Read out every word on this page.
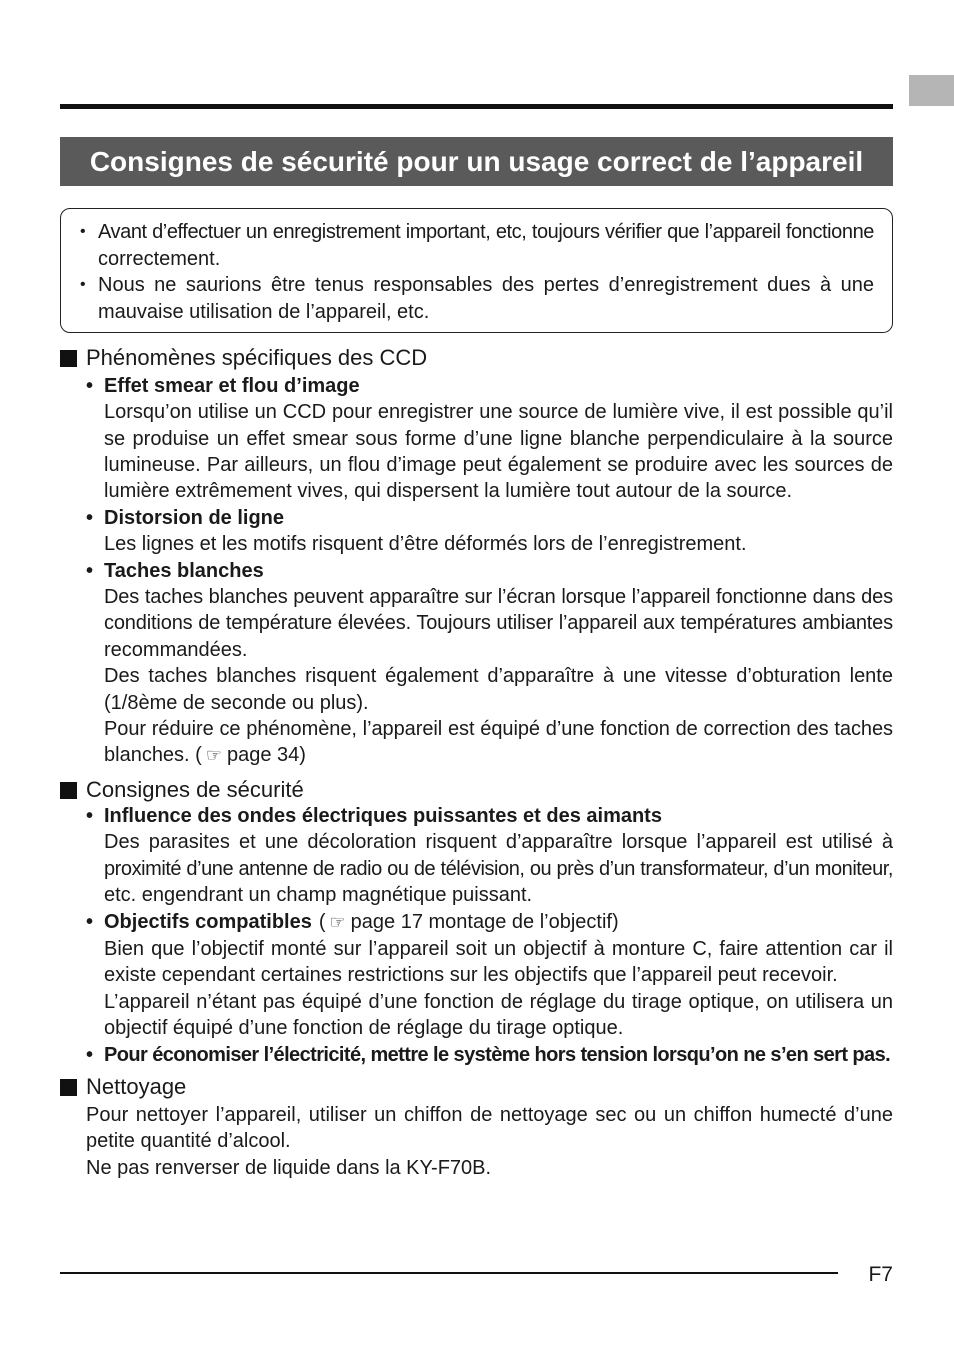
Consignes de sécurité pour un usage correct de l’appareil
• Avant d’effectuer un enregistrement important, etc, toujours vérifier que l’appareil fonctionne
correctement.
• Nous ne saurions être tenus responsables des pertes d’enregistrement dues à une
mauvaise utilisation de l’appareil, etc.
Phénomènes spécifiques des CCD
• Effet smear et flou d’image
Lorsqu’on utilise un CCD pour enregistrer une source de lumière vive, il est possible qu’il
se produise un effet smear sous forme d’une ligne blanche perpendiculaire à la source
lumineuse. Par ailleurs, un flou d’image peut également se produire avec les sources de
lumière extrêmement vives, qui dispersent la lumière tout autour de la source.
• Distorsion de ligne
Les lignes et les motifs risquent d’être déformés lors de l’enregistrement.
• Taches blanches
Des taches blanches peuvent apparaître sur l’écran lorsque l’appareil fonctionne dans des
conditions de température élevées. Toujours utiliser l’appareil aux températures ambiantes
recommandées.
Des taches blanches risquent également d’apparaître à une vitesse d’obturation lente
(1/8ème de seconde ou plus).
Pour réduire ce phénomène, l’appareil est équipé d’une fonction de correction des taches
blanches. ( ☞ page 34)
Consignes de sécurité
• Influence des ondes électriques puissantes et des aimants
Des parasites et une décoloration risquent d’apparaître lorsque l’appareil est utilisé à
proximité d’une antenne de radio ou de télévision, ou près d’un transformateur, d’un moniteur,
etc. engendrant un champ magnétique puissant.
• Objectifs compatibles ( ☞ page 17 montage de l’objectif)
Bien que l’objectif monté sur l’appareil soit un objectif à monture C, faire attention car il
existe cependant certaines restrictions sur les objectifs que l’appareil peut recevoir.
L’appareil n’étant pas équipé d’une fonction de réglage du tirage optique, on utilisera un
objectif équipé d’une fonction de réglage du tirage optique.
• Pour économiser l’électricité, mettre le système hors tension lorsqu’on ne s’en sert pas.
Nettoyage
Pour nettoyer l’appareil, utiliser un chiffon de nettoyage sec ou un chiffon humecté d’une
petite quantité d’alcool.
Ne pas renverser de liquide dans la KY-F70B.
F7
